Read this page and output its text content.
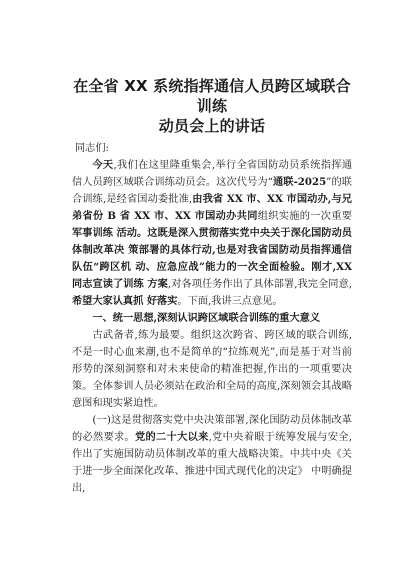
在全省 XX 系统指挥通信人员跨区域联合训练
动员会上的讲话

同志们:

今天,我们在这里隆重集会,举行全省国防动员系统指挥通信人员跨区域联合训练动员会。这次代号为“通联-2025”的联合训练,是经省国动委批准,由我省 XX 市、XX 市国动办,与兄弟省份 B 省 XX 市、XX 市国动办共同组织实施的一次重要军事训练 活动。这既是深入贯彻落实党中央关于深化国防动员体制改革决 策部署的具体行动,也是对我省国防动员指挥通信队伍“跨区机 动、应急应战”能力的一次全面检验。刚才,XX 同志宣读了训练 方案,对各项任务作出了具体部署,我完全同意,希望大家认真抓 好落实。下面,我讲三点意见。

一、统一思想,深刻认识跨区域联合训练的重大意义

古武备者,练为最要。组织这次跨省、跨区域的联合训练,不是一时心血来潮,也不是简单的“拉练观光”,而是基于对当前 形势的深刻洞察和对未来使命的精准把握,作出的一项重要决策。全体参训人员必须站在政治和全局的高度,深刻领会其战略意图和现实紧迫性。

(一)这是贯彻落实党中央决策部署,深化国防动员体制改革的必然要求。党的二十大以来,党中央着眼于统筹发展与安全,作出了实施国防动员体制改革的重大战略决策。中共中央《关于进一步全面深化改革、推进中国式现代化的决定》 中明确提出,
